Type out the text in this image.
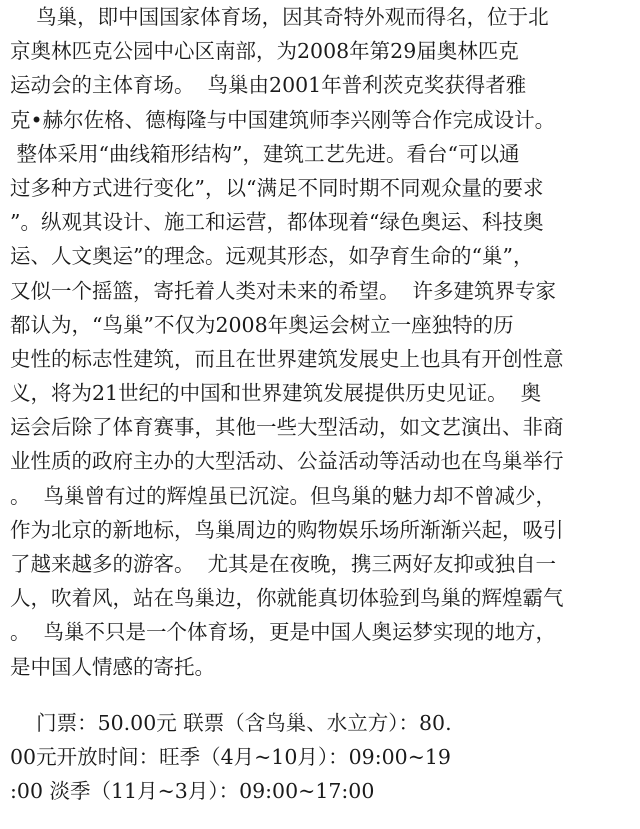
鸟巢，即中国国家体育场，因其奇特外观而得名，位于北
京奥林匹克公园中心区南部，为2008年第29届奥林匹克
运动会的主体育场。  鸟巢由2001年普利茨克奖获得者雅
克•赫尔佐格、德梅隆与中国建筑师李兴刚等合作完成设计。
整体采用“曲线箱形结构”，建筑工艺先进。看台“可以通
过多种方式进行变化”，以“满足不同时期不同观众量的要求
”。纵观其设计、施工和运营，都体现着“绿色奥运、科技奥
运、人文奥运”的理念。远观其形态，如孕育生命的“巢”，
又似一个摇篮，寄托着人类对未来的希望。  许多建筑界专家
都认为，“鸟巢”不仅为2008年奥运会树立一座独特的历
史性的标志性建筑，而且在世界建筑发展史上也具有开创性意
义，将为21世纪的中国和世界建筑发展提供历史见证。  奥
运会后除了体育赛事，其他一些大型活动，如文艺演出、非商
业性质的政府主办的大型活动、公益活动等活动也在鸟巢举行
。  鸟巢曾有过的辉煌虽已沉淀。但鸟巢的魅力却不曾减少，
作为北京的新地标，鸟巢周边的购物娱乐场所渐渐兴起，吸引
了越来越多的游客。  尤其是在夜晚，携三两好友抑或独自一
人，吹着风，站在鸟巢边，你就能真切体验到鸟巢的辉煌霸气
。  鸟巢不只是一个体育场，更是中国人奥运梦实现的地方，
是中国人情感的寄托。
门票：50.00元 联票（含鸟巢、水立方）：80.
00元开放时间：旺季（4月~10月）：09:00~19
:00 淡季（11月~3月）：09:00~17:00
